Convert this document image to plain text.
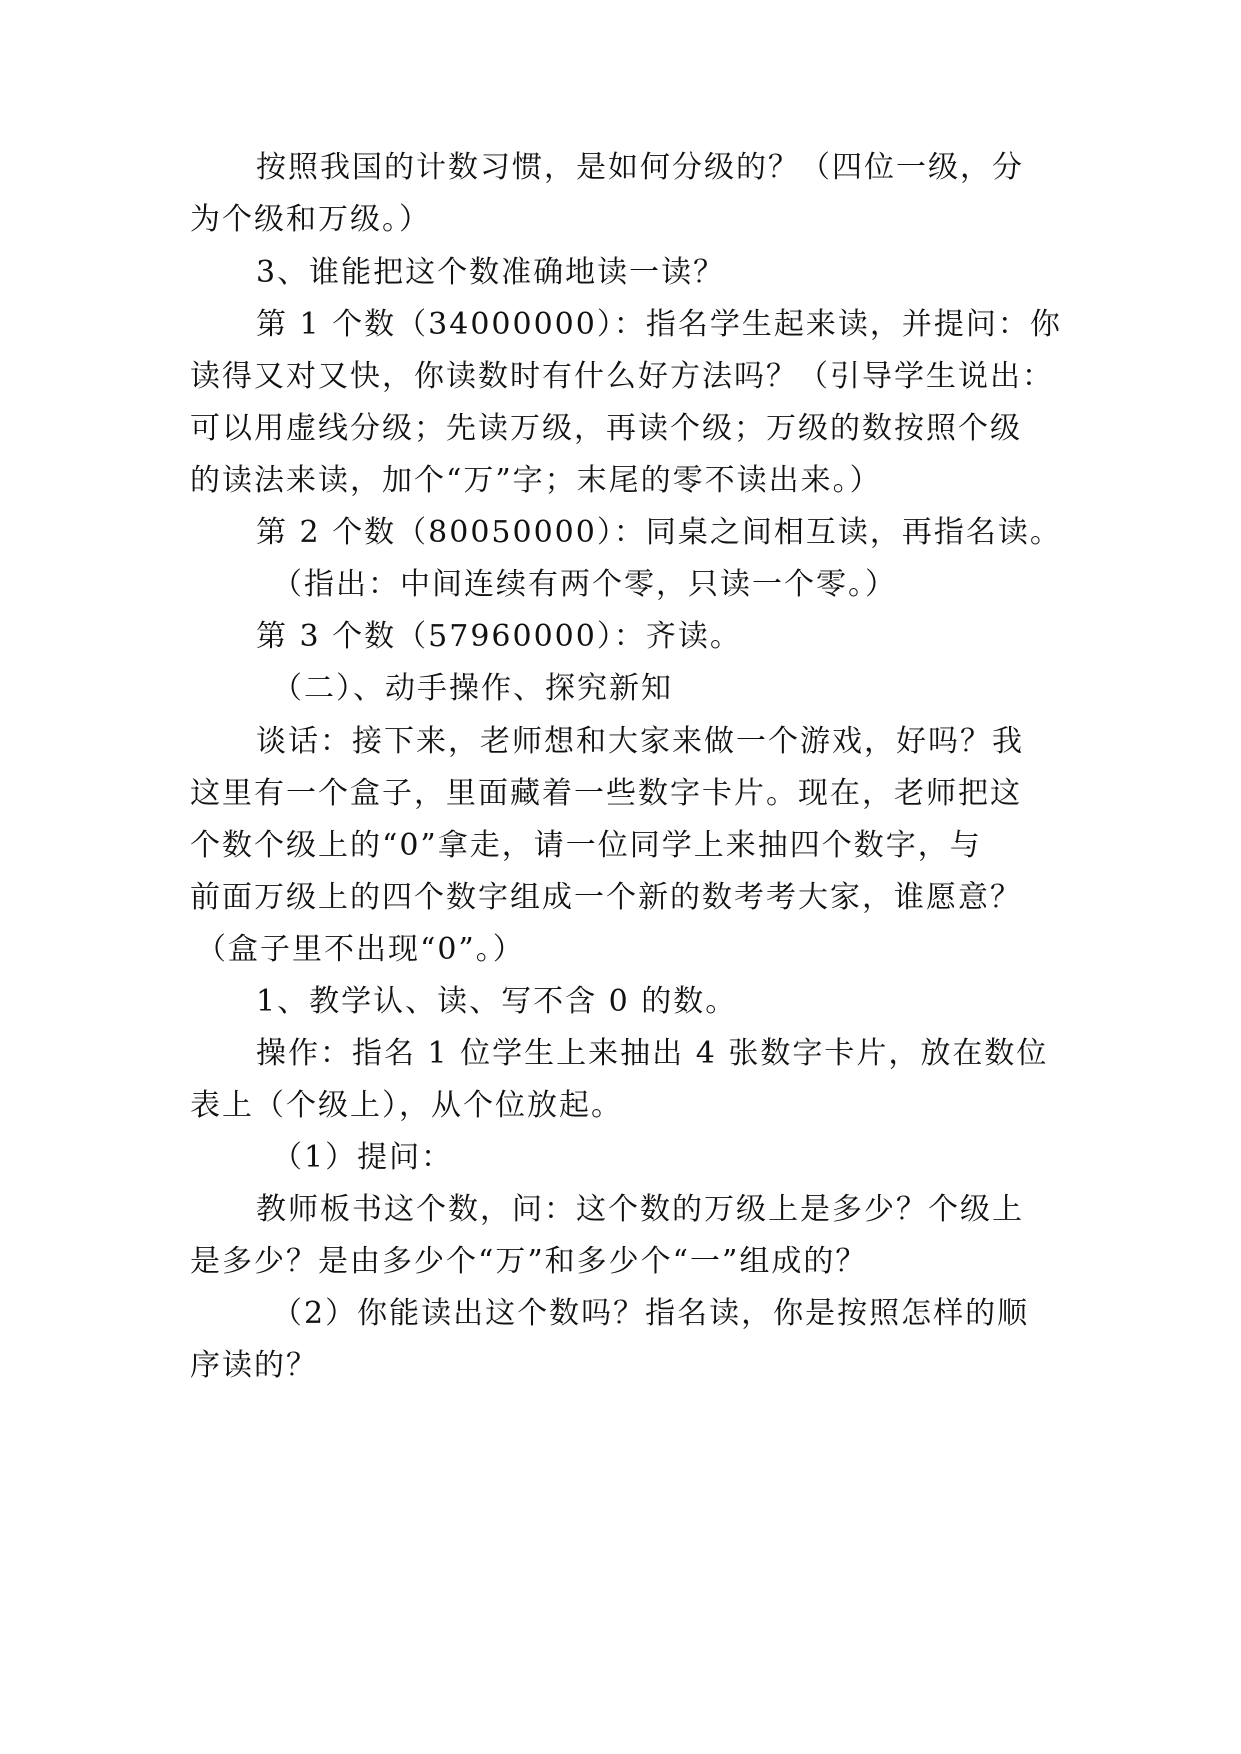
按照我国的计数习惯，是如何分级的？（四位一级，分
为个级和万级。）
3、谁能把这个数准确地读一读？
第 1 个数（34000000）：指名学生起来读，并提问：你
读得又对又快，你读数时有什么好方法吗？（引导学生说出：
可以用虚线分级；先读万级，再读个级；万级的数按照个级
的读法来读，加个“万”字；末尾的零不读出来。）
第 2 个数（80050000）：同桌之间相互读，再指名读。
（指出：中间连续有两个零，只读一个零。）
第 3 个数（57960000）：齐读。
（二）、动手操作、探究新知
谈话：接下来，老师想和大家来做一个游戏，好吗？我
这里有一个盒子，里面藏着一些数字卡片。现在，老师把这
个数个级上的“0”拿走，请一位同学上来抽四个数字，与
前面万级上的四个数字组成一个新的数考考大家，谁愿意？
（盒子里不出现“0”。）
1、教学认、读、写不含 0 的数。
操作：指名 1 位学生上来抽出 4 张数字卡片，放在数位
表上（个级上），从个位放起。
（1）提问：
教师板书这个数，问：这个数的万级上是多少？个级上
是多少？是由多少个“万”和多少个“一”组成的？
（2）你能读出这个数吗？指名读，你是按照怎样的顺
序读的？
